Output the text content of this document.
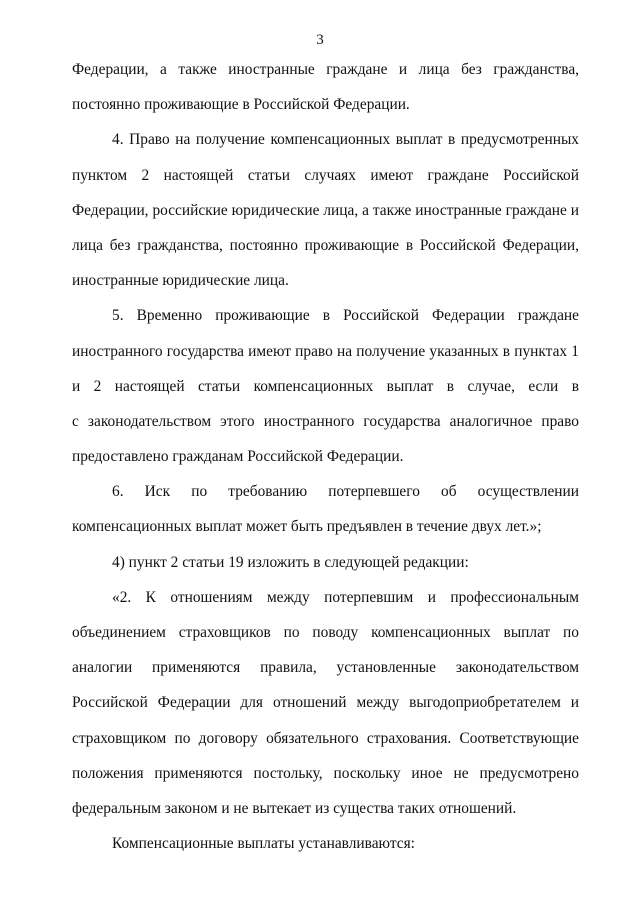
3
Федерации, а также иностранные граждане и лица без гражданства,
постоянно проживающие в Российской Федерации.
4. Право на получение компенсационных выплат в предусмотренных
пунктом 2 настоящей статьи случаях имеют граждане Российской
Федерации, российские юридические лица, а также иностранные граждане и
лица без гражданства, постоянно проживающие в Российской Федерации,
иностранные юридические лица.
5. Временно проживающие в Российской Федерации граждане
иностранного государства имеют право на получение указанных в пунктах 1
и 2 настоящей статьи компенсационных выплат в случае, если в
с законодательством этого иностранного государства аналогичное право
предоставлено гражданам Российской Федерации.
6. Иск по требованию потерпевшего об осуществлении
компенсационных выплат может быть предъявлен в течение двух лет.»;
4) пункт 2 статьи 19 изложить в следующей редакции:
«2. К отношениям между потерпевшим и профессиональным
объединением страховщиков по поводу компенсационных выплат по
аналогии применяются правила, установленные законодательством
Российской Федерации для отношений между выгодоприобретателем и
страховщиком по договору обязательного страхования. Соответствующие
положения применяются постольку, поскольку иное не предусмотрено
федеральным законом и не вытекает из существа таких отношений.
Компенсационные выплаты устанавливаются:
